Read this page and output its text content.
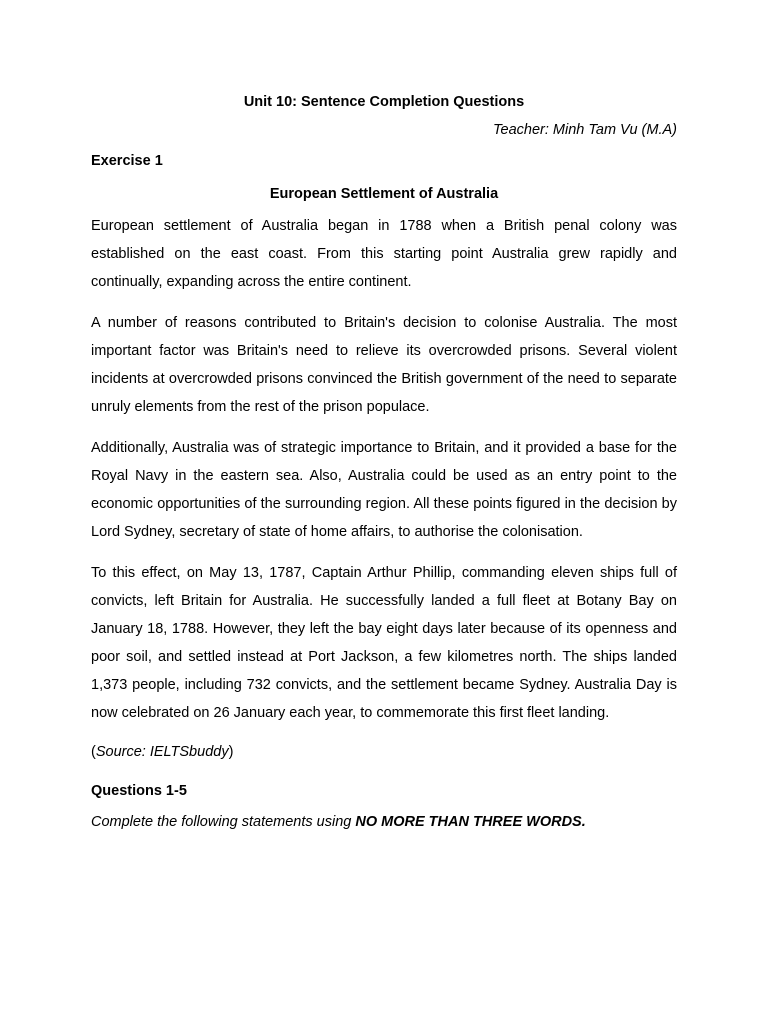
Unit 10: Sentence Completion Questions

Teacher: Minh Tam Vu (M.A)

Exercise 1

European Settlement of Australia

European settlement of Australia began in 1788 when a British penal colony was established on the east coast. From this starting point Australia grew rapidly and continually, expanding across the entire continent.

A number of reasons contributed to Britain's decision to colonise Australia. The most important factor was Britain's need to relieve its overcrowded prisons. Several violent incidents at overcrowded prisons convinced the British government of the need to separate unruly elements from the rest of the prison populace.

Additionally, Australia was of strategic importance to Britain, and it provided a base for the Royal Navy in the eastern sea. Also, Australia could be used as an entry point to the economic opportunities of the surrounding region. All these points figured in the decision by Lord Sydney, secretary of state of home affairs, to authorise the colonisation.

To this effect, on May 13, 1787, Captain Arthur Phillip, commanding eleven ships full of convicts, left Britain for Australia. He successfully landed a full fleet at Botany Bay on January 18, 1788. However, they left the bay eight days later because of its openness and poor soil, and settled instead at Port Jackson, a few kilometres north. The ships landed 1,373 people, including 732 convicts, and the settlement became Sydney. Australia Day is now celebrated on 26 January each year, to commemorate this first fleet landing.

(Source: IELTSbuddy)

Questions 1-5

Complete the following statements using NO MORE THAN THREE WORDS.
